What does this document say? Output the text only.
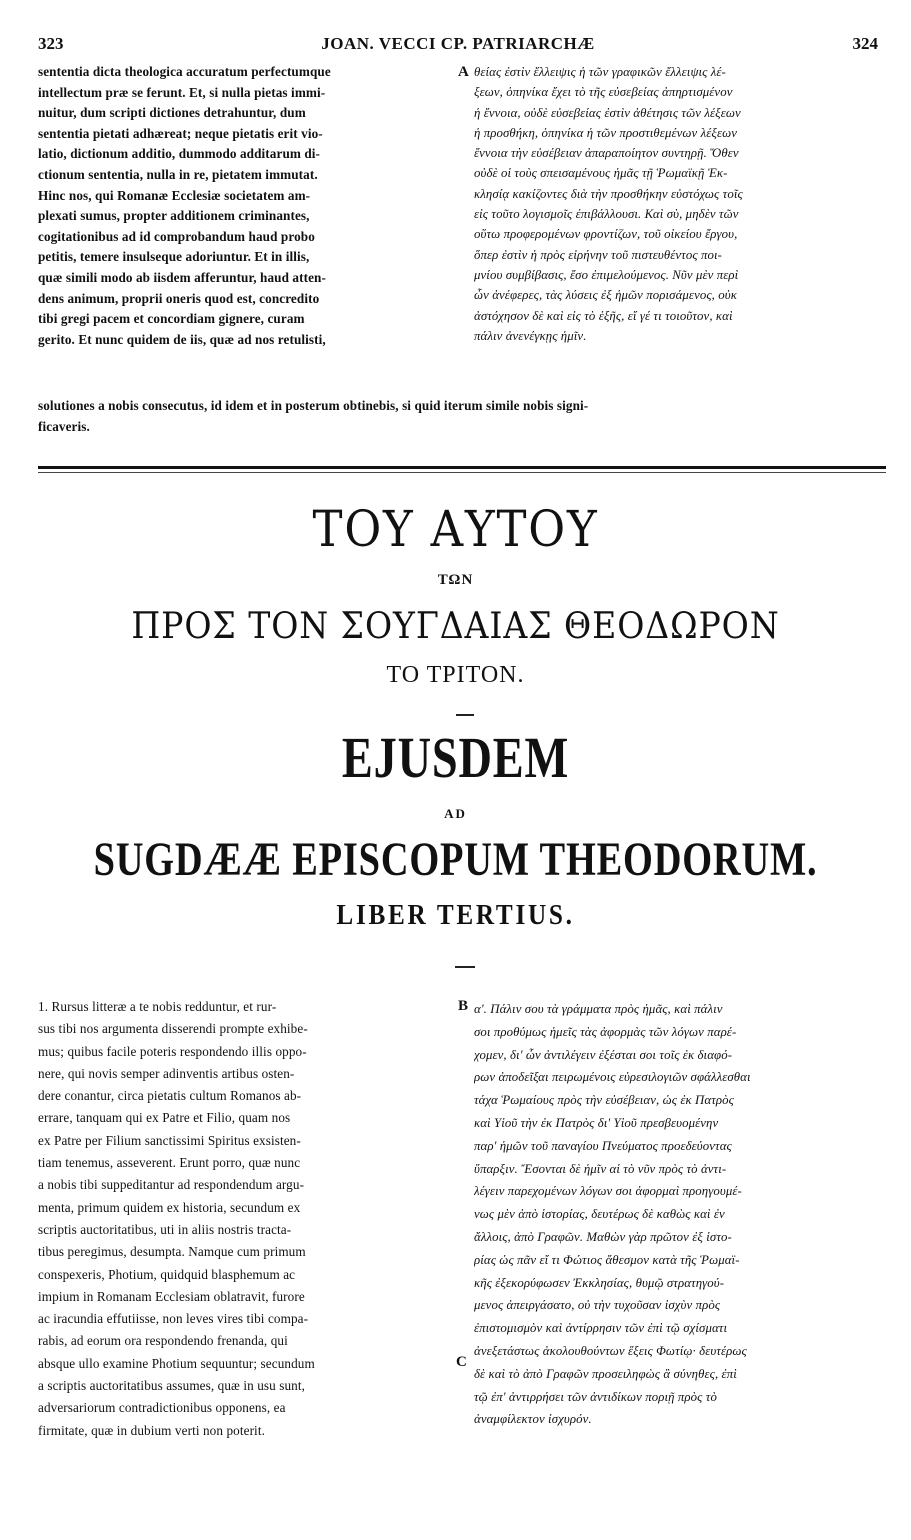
323	JOAN. VECCI CP. PATRIARCHÆ	324
sententia dicta theologica accuratum perfectumque
intellectum præ se ferunt. Et, si nulla pietas immi-
nuitur, dum scripti dictiones detrahuntur, dum
sententia pietati adhæreat; neque pietatis erit vio-
latio, dictionum additio, dummodo additarum di-
ctionum sententia, nulla in re, pietatem immutat.
Hinc nos, qui Romanæ Ecclesiæ societatem am-
plexati sumus, propter additionem criminantes,
cogitationibus ad id comprobandum haud probo
petitis, temere insulseque adoriuntur. Et in illis,
quæ simili modo ab iisdem afferuntur, haud atten-
dens animum, proprii oneris quod est, concredito
tibi gregi pacem et concordiam gignere, curam
gerito. Et nunc quidem de iis, quæ ad nos retulisti,
A θείας ἐστὶν ἔλλειψις ἡ τῶν γραφικῶν ἔλλειψις λέ-
ξεων, ὁπηνίκα ἔχει τὸ τῆς εὐσεβείας ἀπηρτισμένον
ἡ ἔννοια, οὐδὲ εὐσεβείας ἐστὶν ἀθέτησις τῶν λέξεων
ἡ προσθήκη, ὁπηνίκα ἡ τῶν προστιθεμένων λέξεων
ἔννοια τὴν εὐσέβειαν ἀπαραποίητον συντηρῇ. Ὅθεν
οὐδὲ οἱ τοὺς σπεισαμένους ἡμᾶς τῇ Ῥωμαϊκῇ Ἐκ-
κλησίᾳ κακίζοντες διὰ τὴν προσθήκην εὐστόχως τοῖς
εἰς τοῦτο λογισμοῖς ἐπιβάλλουσι. Καὶ σὺ, μηδὲν τῶν
οὕτω προφερομένων φροντίζων, τοῦ οἰκείου ἔργου,
ὅπερ ἐστὶν ἡ πρὸς εἰρήνην τοῦ πιστευθέντος ποι-
μνίου συμβίβασις, ἔσο ἐπιμελούμενος. Νῦν μὲν περὶ
ὧν ἀνέφερες, τὰς λύσεις ἐξ ἡμῶν πορισάμενος, οὐκ
ἀστόχησον δὲ καὶ εἰς τὸ ἑξῆς, εἴ γέ τι τοιοῦτον, καὶ
πάλιν ἀνενέγκῃς ἡμῖν.
solutiones a nobis consecutus, id idem et in posterum obtinebis, si quid iterum simile nobis signi-
ficaveris.
ΤΟΥ ΑΥΤΟΥ
ΤΩΝ
ΠΡΟΣ ΤΟΝ ΣΟΥΓΔΑΙΑΣ ΘΕΟΔΩΡΟΝ
ΤΟ ΤΡΙΤΟΝ.
EJUSDEM
AD
SUGDÆÆ EPISCOPUM THEODORUM.
LIBER TERTIUS.
1. Rursus litteræ a te nobis redduntur, et rur-
sus tibi nos argumenta disserendi prompte exhibe-
mus; quibus facile poteris respondendo illis oppo-
nere, qui novis semper adinventis artibus osten-
dere conantur, circa pietatis cultum Romanos ab-
errare, tanquam qui ex Patre et Filio, quam nos
ex Patre per Filium sanctissimi Spiritus exsisten-
tiam tenemus, asseverent. Erunt porro, quæ nunc
a nobis tibi suppeditantur ad respondendum argu-
menta, primum quidem ex historia, secundum ex
scriptis auctoritatibus, uti in aliis nostris tracta-
tibus peregimus, desumpta. Namque cum primum
conspexeris, Photium, quidquid blasphemum ac
impium in Romanam Ecclesiam oblatravit, furore
ac iracundia effutiisse, non leves vires tibi compa-
rabis, ad eorum ora respondendo frenanda, qui
absque ullo examine Photium sequuntur; secundum
a scriptis auctoritatibus assumes, quæ in usu sunt,
adversariorum contradictionibus opponens, ea
firmitate, quæ in dubium verti non poterit.
B
C
α'. Πάλιν σου τὰ γράμματα πρὸς ἡμᾶς, καὶ πάλιν
σοι προθύμως ἡμεῖς τὰς ἀφορμὰς τῶν λόγων παρέ-
χομεν, δι' ὧν ἀντιλέγειν ἐξέσται σοι τοῖς ἐκ διαφό-
ρων ἀποδεῖξαι πειρωμένοις εὑρεσιλογιῶν σφάλλεσθαι
τάχα Ῥωμαίους πρὸς τὴν εὐσέβειαν, ὡς ἐκ Πατρὸς
καὶ Υἱοῦ τὴν ἐκ Πατρὸς δι' Υἱοῦ πρεσβευομένην
παρ' ἡμῶν τοῦ παναγίου Πνεύματος προεδεύοντας
ὕπαρξιν. Ἔσονται δὲ ἡμῖν αἱ τὸ νῦν πρὸς τὸ ἀντι-
λέγειν παρεχομένων λόγων σοι ἀφορμαὶ προηγουμέ-
νως μὲν ἀπὸ ἱστορίας, δευτέρως δὲ καθὼς καὶ ἐν
ἄλλοις, ἀπὸ Γραφῶν. Μαθὼν γὰρ πρῶτον ἐξ ἱστο-
ρίας ὡς πᾶν εἴ τι Φώτιος ἄθεσμον κατὰ τῆς Ῥωμαϊ-
κῆς ἐξεκορύφωσεν Ἐκκλησίας, θυμῷ στρατηγού-
μενος ἀπειργάσατο, οὐ τὴν τυχοῦσαν ἰσχὺν πρὸς
ἐπιστομισμὸν καὶ ἀντίρρησιν τῶν ἐπὶ τῷ σχίσματι
ἀνεξετάστως ἀκολουθούντων ἕξεις Φωτίῳ· δευτέρως
δὲ καὶ τὸ ἀπὸ Γραφῶν προσειληφὼς ἃ σύνηθες, ἐπὶ
τῷ ἐπ' ἀντιρρήσει τῶν ἀντιδίκων ποριῇ πρὸς τὸ
ἀναμφίλεκτον ἰσχυρόν.
